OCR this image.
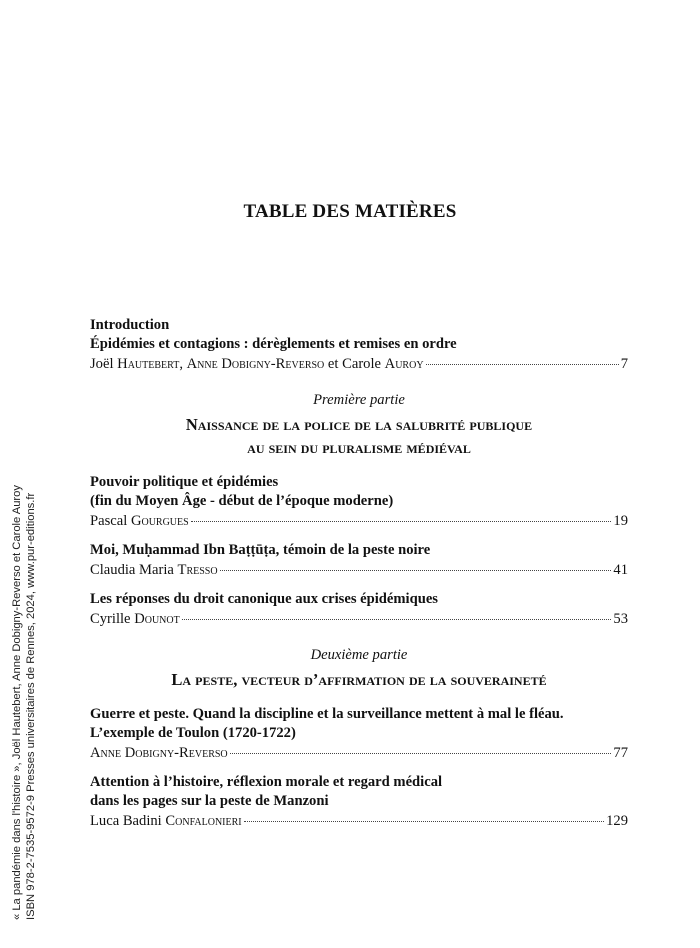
TABLE DES MATIÈRES
Introduction
Épidémies et contagions : dérèglements et remises en ordre
Joël Hautebert, Anne Dobigny-Reverso et Carole Auroy	7
Première partie
Naissance de la police de la salubrité publique
au sein du pluralisme médiéval
Pouvoir politique et épidémies
(fin du Moyen Âge - début de l’époque moderne)
Pascal Gourgues	19
Moi, Muḥammad Ibn Baṭṭūṭa, témoin de la peste noire
Claudia Maria Tresso	41
Les réponses du droit canonique aux crises épidémiques
Cyrille Dounot	53
Deuxième partie
La peste, vecteur d’affirmation de la souveraineté
Guerre et peste. Quand la discipline et la surveillance mettent à mal le fléau.
L’exemple de Toulon (1720-1722)
Anne Dobigny-Reverso	77
Attention à l’histoire, réflexion morale et regard médical
dans les pages sur la peste de Manzoni
Luca Badini Confalonieri	129
« La pandémie dans l'histoire », Joël Hautebert, Anne Dobigny-Reverso et Carole Auroy ISBN 978-2-7535-9572-9 Presses universitaires de Rennes, 2024, www.pur-editions.fr
